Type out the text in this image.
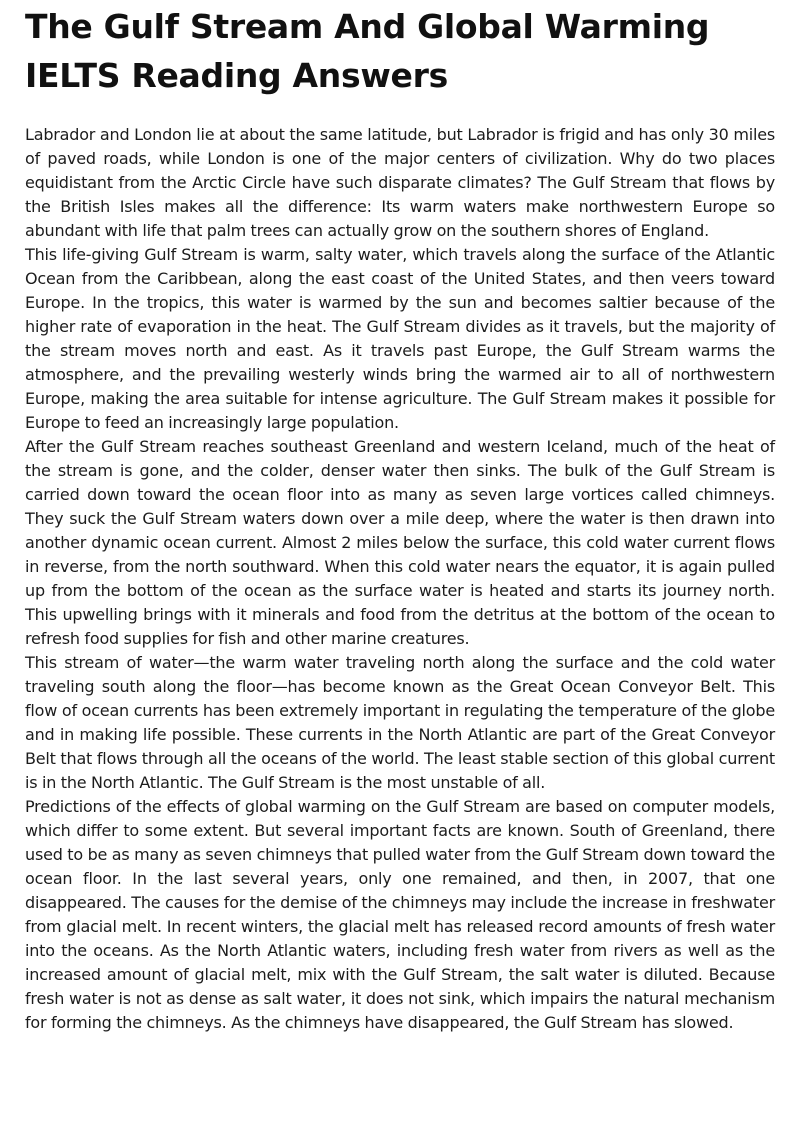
The Gulf Stream And Global Warming
IELTS Reading Answers

Labrador and London lie at about the same latitude, but Labrador is frigid and has only 30 miles of paved roads, while London is one of the major centers of civilization. Why do two places equidistant from the Arctic Circle have such disparate climates? The Gulf Stream that flows by the British Isles makes all the difference: Its warm waters make northwestern Europe so abundant with life that palm trees can actually grow on the southern shores of England.

This life-giving Gulf Stream is warm, salty water, which travels along the surface of the Atlantic Ocean from the Caribbean, along the east coast of the United States, and then veers toward Europe. In the tropics, this water is warmed by the sun and becomes saltier because of the higher rate of evaporation in the heat. The Gulf Stream divides as it travels, but the majority of the stream moves north and east. As it travels past Europe, the Gulf Stream warms the atmosphere, and the prevailing westerly winds bring the warmed air to all of northwestern Europe, making the area suitable for intense agriculture. The Gulf Stream makes it possible for Europe to feed an increasingly large population.

After the Gulf Stream reaches southeast Greenland and western Iceland, much of the heat of the stream is gone, and the colder, denser water then sinks. The bulk of the Gulf Stream is carried down toward the ocean floor into as many as seven large vortices called chimneys. They suck the Gulf Stream waters down over a mile deep, where the water is then drawn into another dynamic ocean current. Almost 2 miles below the surface, this cold water current flows in reverse, from the north southward. When this cold water nears the equator, it is again pulled up from the bottom of the ocean as the surface water is heated and starts its journey north. This upwelling brings with it minerals and food from the detritus at the bottom of the ocean to refresh food supplies for fish and other marine creatures.

This stream of water—the warm water traveling north along the surface and the cold water traveling south along the floor—has become known as the Great Ocean Conveyor Belt. This flow of ocean currents has been extremely important in regulating the temperature of the globe and in making life possible. These currents in the North Atlantic are part of the Great Conveyor Belt that flows through all the oceans of the world. The least stable section of this global current is in the North Atlantic. The Gulf Stream is the most unstable of all.

Predictions of the effects of global warming on the Gulf Stream are based on computer models, which differ to some extent. But several important facts are known. South of Greenland, there used to be as many as seven chimneys that pulled water from the Gulf Stream down toward the ocean floor. In the last several years, only one remained, and then, in 2007, that one disappeared. The causes for the demise of the chimneys may include the increase in freshwater from glacial melt. In recent winters, the glacial melt has released record amounts of fresh water into the oceans. As the North Atlantic waters, including fresh water from rivers as well as the increased amount of glacial melt, mix with the Gulf Stream, the salt water is diluted. Because fresh water is not as dense as salt water, it does not sink, which impairs the natural mechanism for forming the chimneys. As the chimneys have disappeared, the Gulf Stream has slowed.
